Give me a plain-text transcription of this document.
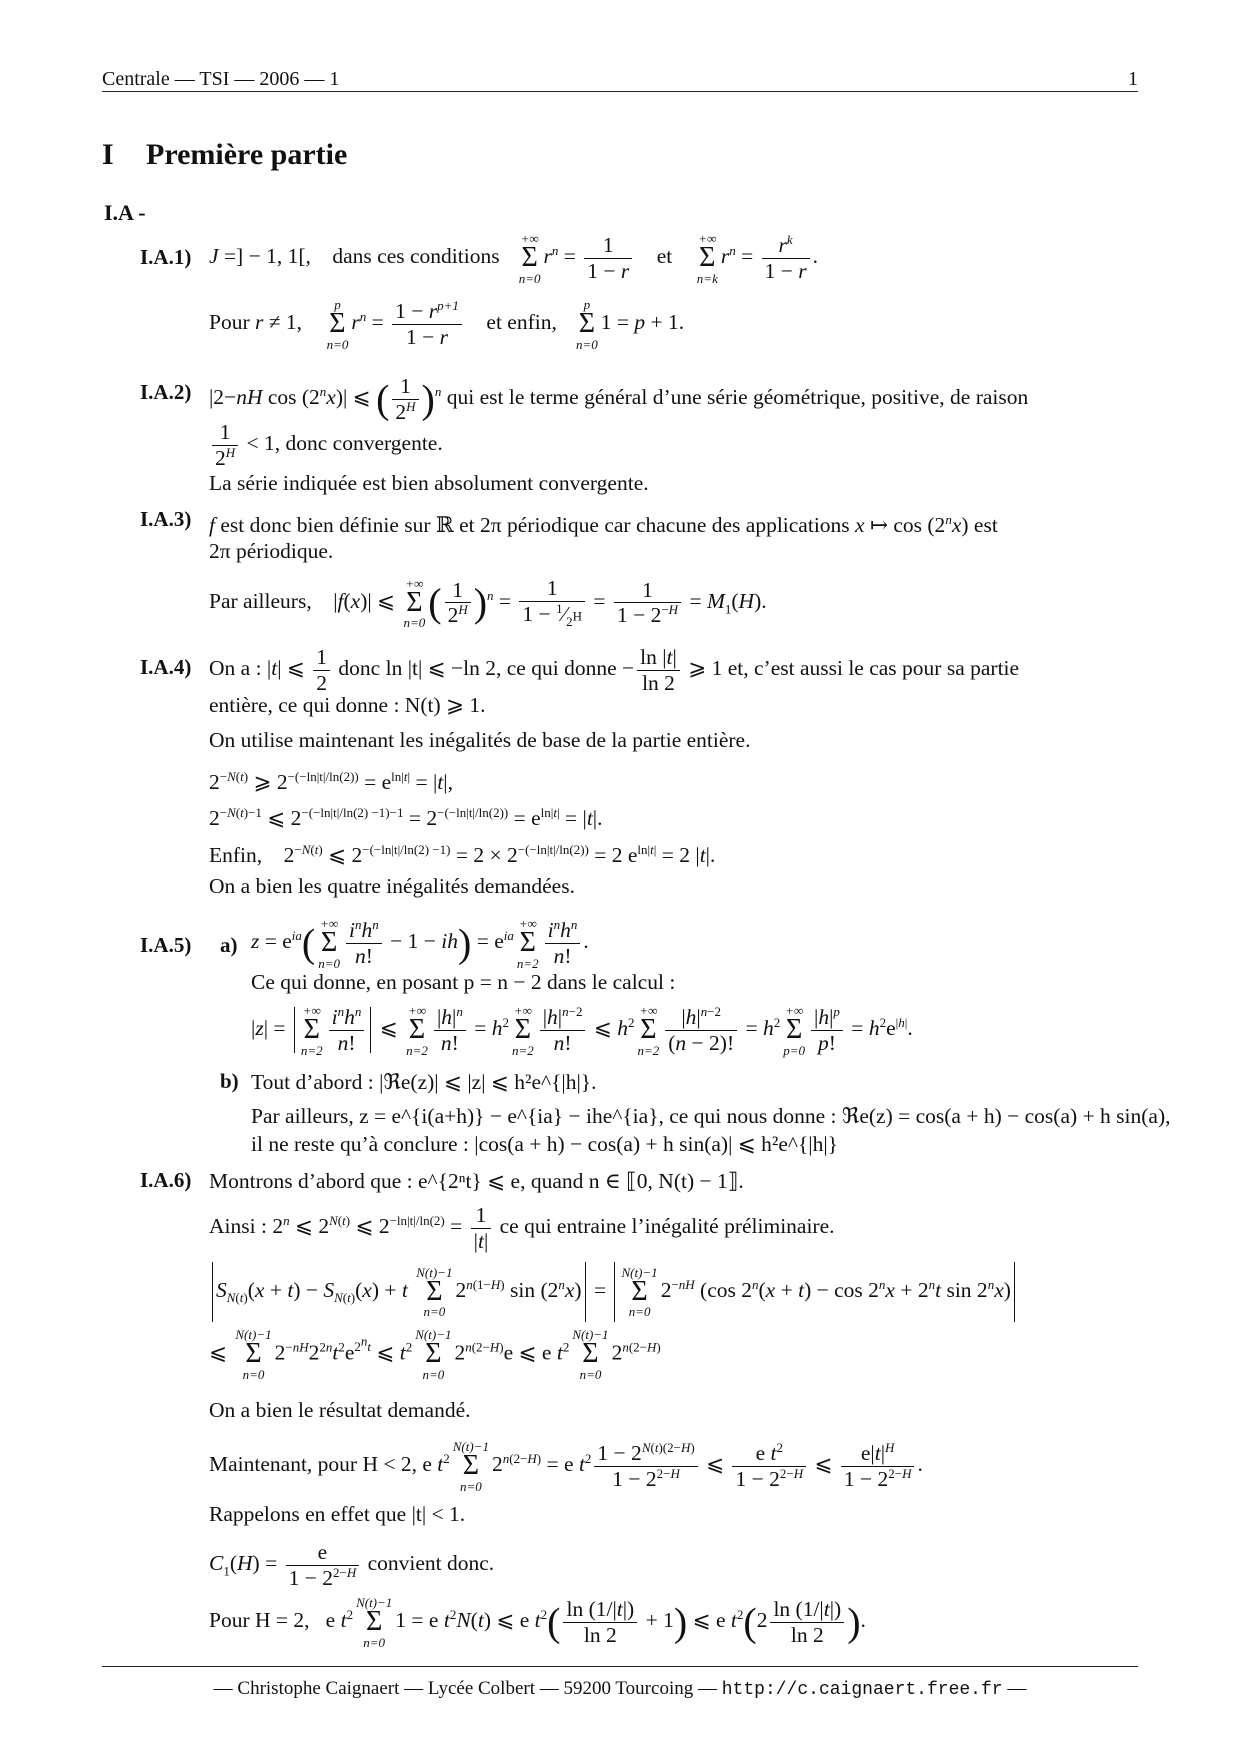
Centrale — TSI — 2006 — 1	1
I Première partie
I.A -
I.A.1) J =] − 1, 1[,    dans ces conditions
+∞
Σ
n=0
$r^n = \frac{1}{1 - r}$ et
+∞
Σ
n=k
$r^n = \frac{r^k}{1 - r}$ .
Pour r ≠ 1,
p
Σ
n=0
$r^n = \frac{1 - r^{p+1}}{1 - r}$ et enfin,
p
Σ
n=0
1 = p + 1.
I.A.2) |2−nH cos (2$^n$x)| ⩽ ( $\frac{1}{2^H} )^n$ qui est le terme général d’une série géométrique, positive, de raison
$\frac{1}{2^H} < 1$, donc convergente.
La série indiquée est bien absolument convergente.
I.A.3) f est donc bien définie sur ℝ et 2π périodique car chacune des applications x ↦ cos (2$^n$x) est
2π périodique.
Par ailleurs,    |f(x)| ⩽
+∞
Σ
n=0 ( $\frac{1}{2^H} )^n = \frac{1}{1 - ^1⁄_{2^H}} = \frac{1}{1 - 2^{-H}} = M_1(H)$.
I.A.4) On a : |t| ⩽ $\frac{1}{2}$ donc ln |t| ⩽ −ln 2, ce qui donne − $\frac{\ln |t|}{\ln 2}$ ⩾ 1 et, c’est aussi le cas pour sa partie
entière, ce qui donne : N(t) ⩾ 1.
On utilise maintenant les inégalités de base de la partie entière.
$2^{-N(t)}$ ⩾ $2^{-(-ln|t|/ln(2))} = e^{ln|t|} = |t|$,
$2^{-N(t)-1}$ ⩽ $2^{-(-ln|t|/ln(2) -1)-1} = 2^{-(-ln|t|/ln(2))} = e^{ln|t|} = |t|$.
Enfin,    $2^{-N(t)}$ ⩽ $2^{-(-ln|t|/ln(2) -1)} = 2 \times 2^{-(-ln|t|/ln(2))} = 2$ $e^{ln|t|} = 2$ |t|.
On a bien les quatre inégalités demandées.
I.A.5) a) $z = e^{ia}$( +∞
Σ
$n=0 \frac{i^nh^n}{n!} - 1 - ih) = e^{ia}$
+∞
Σ
$n=2 \frac{i^nh^n}{n!}$ .
Ce qui donne, en posant p = n − 2 dans le calcul :
|z| =
+∞
Σ
$n=2 \frac{i^nh^n}{n!}$ ⩽
+∞
Σ
$n=2 \frac{|h|^n}{n!} = h^2$
+∞
Σ
$n=2 \frac{|h|^{n-2}}{n!}$ ⩽ $h^2$
+∞
Σ
$n=2 \frac{|h|^{n-2}}{(n - 2)!} = h^2$
+∞
Σ
$p=0 \frac{|h|^p}{p!} = h^2e^{|h|}$.
b) Tout d’abord : |ℜe(z)| ⩽ |z| ⩽ h²e^{|h|}.
Par ailleurs, z = e^{i(a+h)} − e^{ia} − ihe^{ia}, ce qui nous donne : ℜe(z) = cos(a + h) − cos(a) + h sin(a),
il ne reste qu’à conclure : |cos(a + h) − cos(a) + h sin(a)| ⩽ h²e^{|h|}
I.A.6) Montrons d’abord que : e^{2ⁿt} ⩽ e, quand n ∈ ⟦0, N(t) − 1⟧.
Ainsi : 2$^n$ ⩽ $2^{N(t)}$ ⩽ $2^{-ln|t|/ln(2)} = \frac{1}{|t|}$ ce qui entraine l’inégalité préliminaire.
$S_{N(t)}(x + t) - S_{N(t)}(x) + t$
N(t)−1
Σ
n=0
$2^{n(1-H)}$ $\sin (2^nx)$ =
N(t)−1
Σ
n=0
$2^{-nH}$ (cos $2^n(x + t) - \cos 2^nx + 2^nt$ sin 2$^n$x)
⩽
N(t)−1
Σ
n=0
$2^{-nH}2^{2n}t^2e^{2^nt}$ ⩽ $t^2$
N(t)−1
Σ
n=0
$2^{n(2-H)}e$ ⩽ e $t^2$
N(t)−1
Σ
n=0
$2^{n(2-H)}$
On a bien le résultat demandé.
Maintenant, pour H < 2, e $t^2$
N(t)−1
Σ
n=0
$2^{n(2-H)} = e$ $t^2 \frac{1 - 2^{N(t)(2-H)}}{1 - 2^{2-H}}$ ⩽ $\frac{e t^2}{1 - 2^{2-H}}$ ⩽ $\frac{e|t|^H}{1 - 2^{2-H}}$ .
Rappelons en effet que |t| < 1.
$C_1(H) = \frac{e}{1 - 2^{2-H}}$ convient donc.
Pour H = 2,   e $t^2$
N(t)−1
Σ
n=0
1 = e $t^2N(t)$ ⩽ e $t^2( \frac{\ln (1/|t|)}{\ln 2} + 1)$ ⩽ e $t^2(2 \frac{\ln (1/|t|)}{\ln 2}$ ).
— Christophe Caignaert — Lycée Colbert — 59200 Tourcoing — http://c.caignaert.free.fr —
